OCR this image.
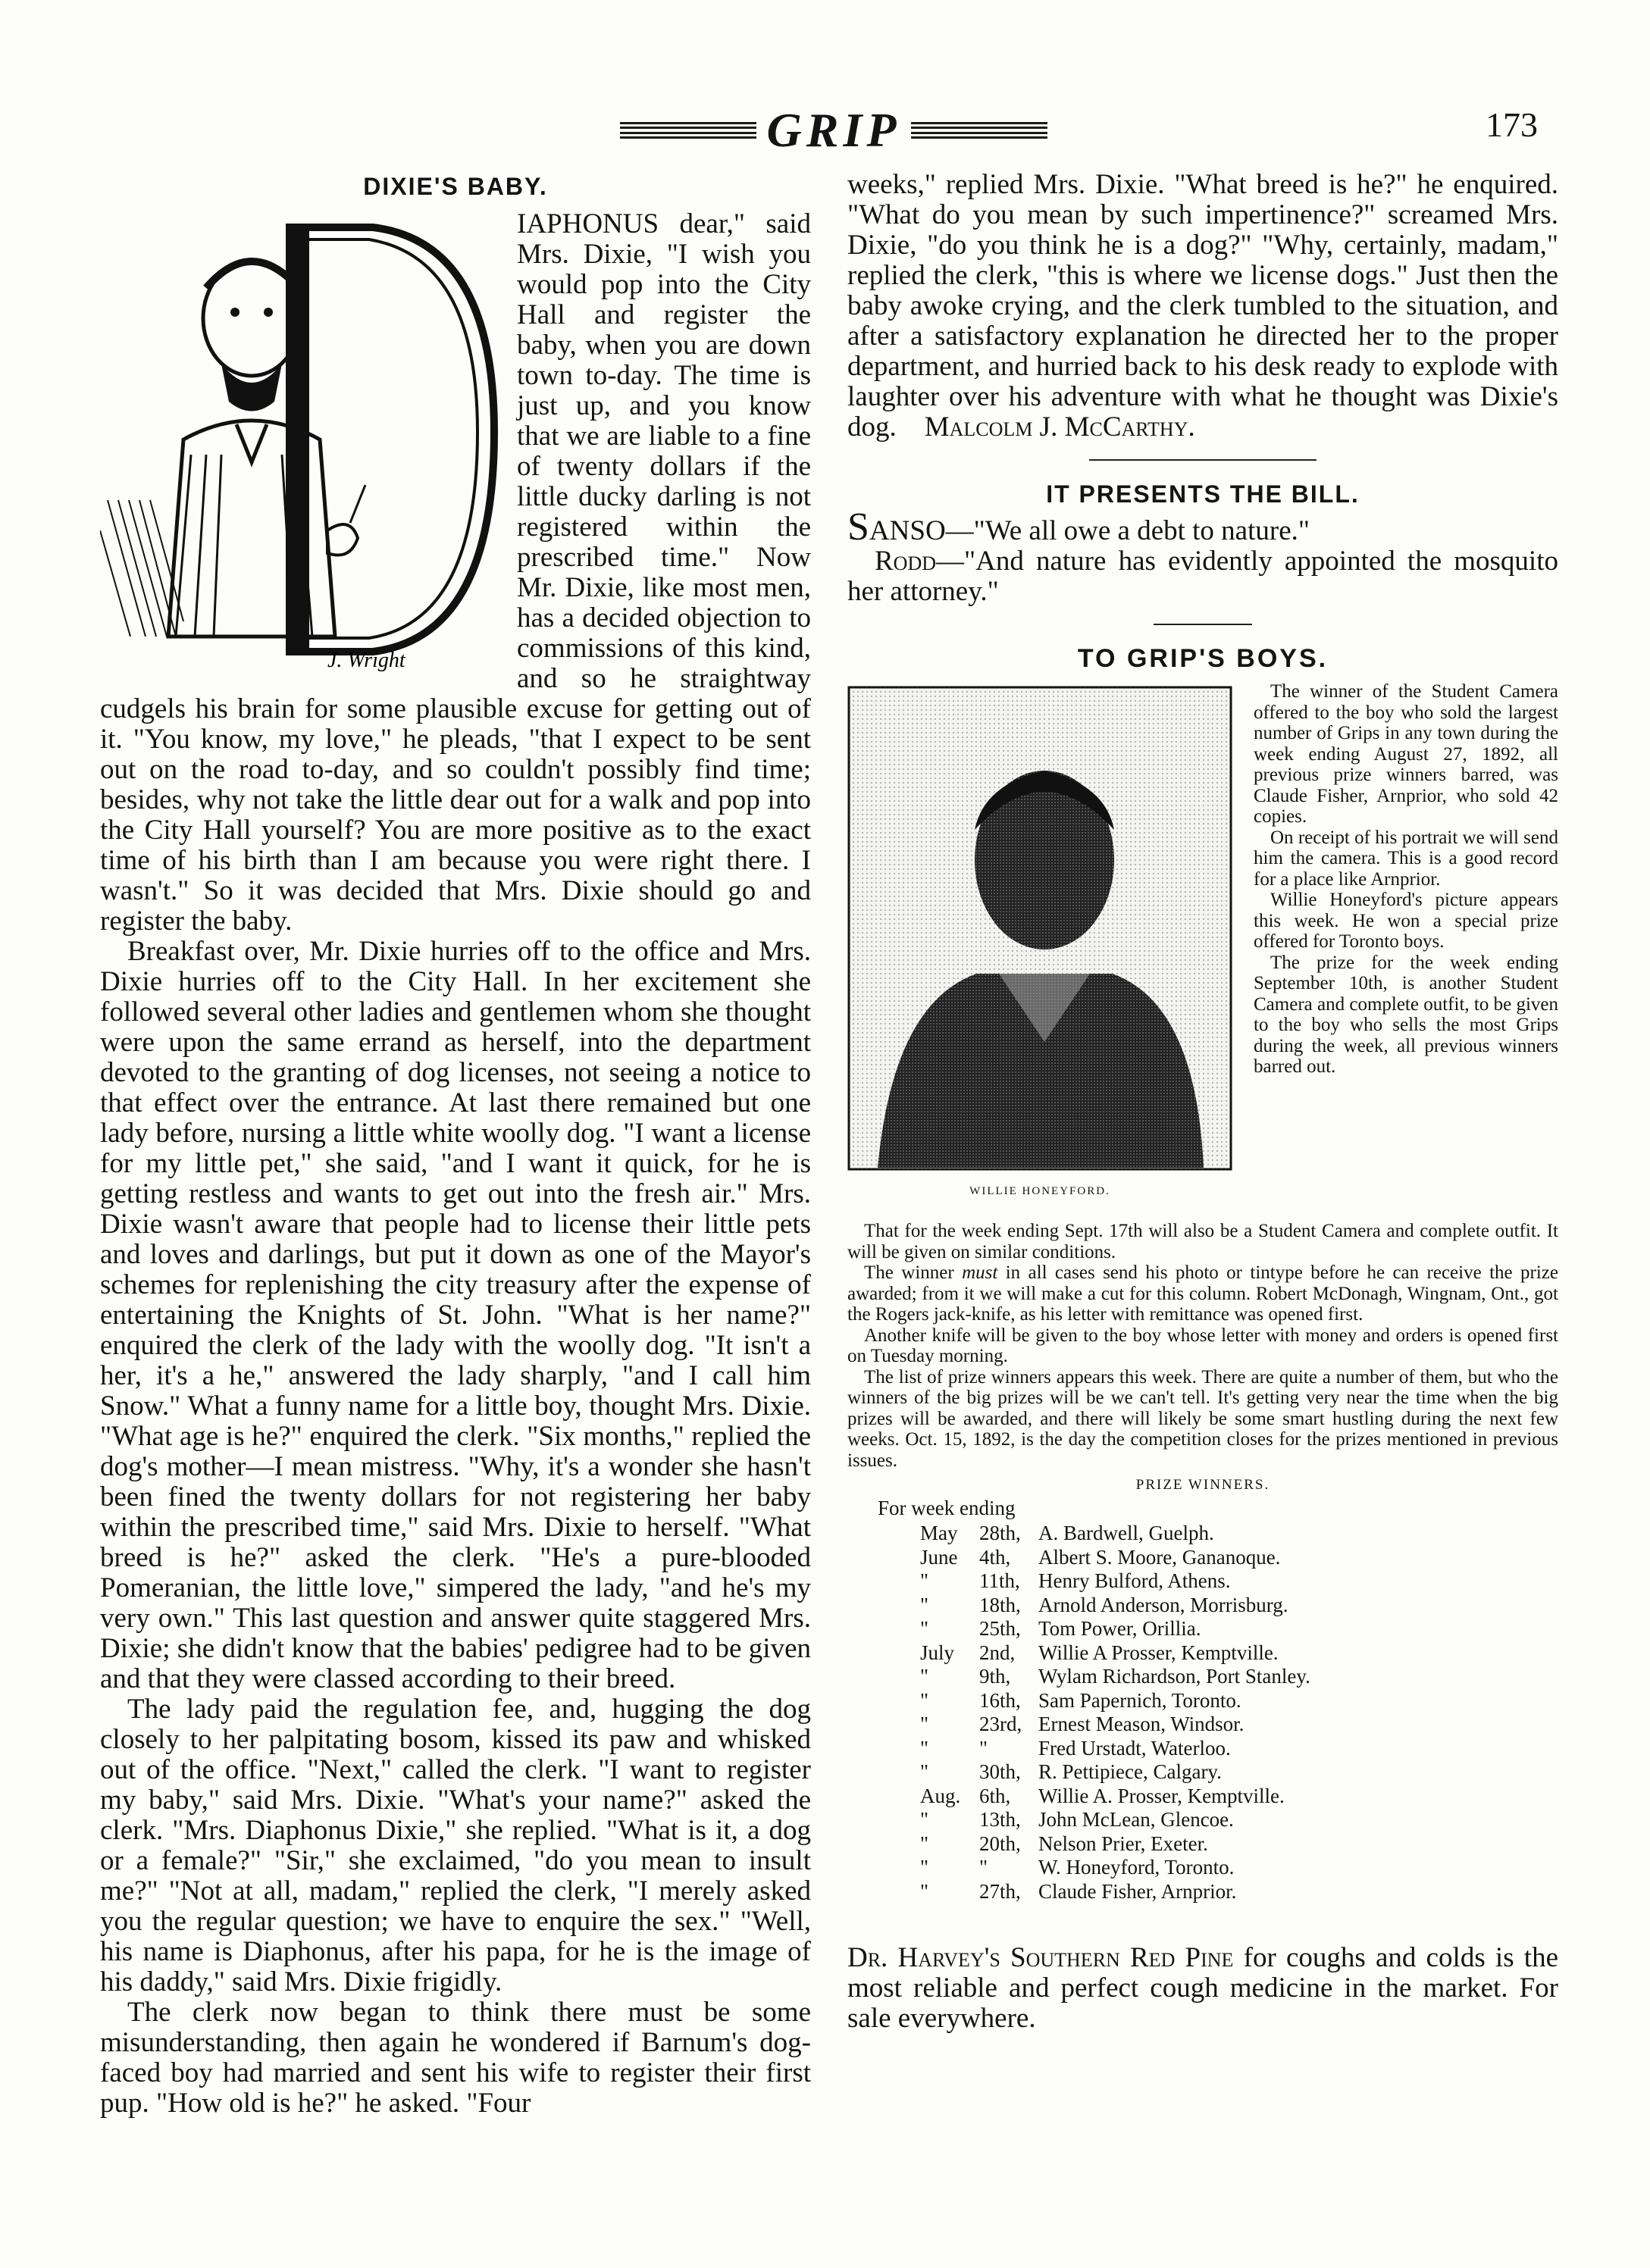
GRIP	173
DIXIE'S BABY.
J. Wright

IAPHONUS dear," said Mrs. Dixie, "I wish you would pop into the City Hall and register the baby, when you are down town to-day. The time is just up, and you know that we are liable to a fine of twenty dollars if the little ducky darling is not registered within the prescribed time." Now Mr. Dixie, like most men, has a decided objection to commissions of this kind, and so he straightway cudgels his brain for some plausible excuse for getting out of it. "You know, my love," he pleads, "that I expect to be sent out on the road to-day, and so couldn't possibly find time; besides, why not take the little dear out for a walk and pop into the City Hall yourself? You are more positive as to the exact time of his birth than I am because you were right there. I wasn't." So it was decided that Mrs. Dixie should go and register the baby.

Breakfast over, Mr. Dixie hurries off to the office and Mrs. Dixie hurries off to the City Hall. In her excitement she followed several other ladies and gentlemen whom she thought were upon the same errand as herself, into the department devoted to the granting of dog licenses, not seeing a notice to that effect over the entrance. At last there remained but one lady before, nursing a little white woolly dog. "I want a license for my little pet," she said, "and I want it quick, for he is getting restless and wants to get out into the fresh air." Mrs. Dixie wasn't aware that people had to license their little pets and loves and darlings, but put it down as one of the Mayor's schemes for replenishing the city treasury after the expense of entertaining the Knights of St. John. "What is her name?" enquired the clerk of the lady with the woolly dog. "It isn't a her, it's a he," answered the lady sharply, "and I call him Snow." What a funny name for a little boy, thought Mrs. Dixie. "What age is he?" enquired the clerk. "Six months," replied the dog's mother—I mean mistress. "Why, it's a wonder she hasn't been fined the twenty dollars for not registering her baby within the prescribed time," said Mrs. Dixie to herself. "What breed is he?" asked the clerk. "He's a pure-blooded Pomeranian, the little love," simpered the lady, "and he's my very own." This last question and answer quite staggered Mrs. Dixie; she didn't know that the babies' pedigree had to be given and that they were classed according to their breed.

The lady paid the regulation fee, and, hugging the dog closely to her palpitating bosom, kissed its paw and whisked out of the office. "Next," called the clerk. "I want to register my baby," said Mrs. Dixie. "What's your name?" asked the clerk. "Mrs. Diaphonus Dixie," she replied. "What is it, a dog or a female?" "Sir," she exclaimed, "do you mean to insult me?" "Not at all, madam," replied the clerk, "I merely asked you the regular question; we have to enquire the sex." "Well, his name is Diaphonus, after his papa, for he is the image of his daddy," said Mrs. Dixie frigidly.

The clerk now began to think there must be some misunderstanding, then again he wondered if Barnum's dog-faced boy had married and sent his wife to register their first pup. "How old is he?" he asked. "Four

weeks," replied Mrs. Dixie. "What breed is he?" he enquired. "What do you mean by such impertinence?" screamed Mrs. Dixie, "do you think he is a dog?" "Why, certainly, madam," replied the clerk, "this is where we license dogs." Just then the baby awoke crying, and the clerk tumbled to the situation, and after a satisfactory explanation he directed her to the proper department, and hurried back to his desk ready to explode with laughter over his adventure with what he thought was Dixie's dog. Malcolm J. McCarthy.

IT PRESENTS THE BILL.

SANSO—"We all owe a debt to nature."

Rodd—"And nature has evidently appointed the mosquito her attorney."

TO GRIP'S BOYS.
WILLIE HONEYFORD.

The winner of the Student Camera offered to the boy who sold the largest number of Grips in any town during the week ending August 27, 1892, all previous prize winners barred, was Claude Fisher, Arnprior, who sold 42 copies.

On receipt of his portrait we will send him the camera. This is a good record for a place like Arnprior.

Willie Honeyford's picture appears this week. He won a special prize offered for Toronto boys.

The prize for the week ending September 10th, is another Student Camera and complete outfit, to be given to the boy who sells the most Grips during the week, all previous winners barred out.

That for the week ending Sept. 17th will also be a Student Camera and complete outfit. It will be given on similar conditions.

The winner must in all cases send his photo or tintype before he can receive the prize awarded; from it we will make a cut for this column. Robert McDonagh, Wingnam, Ont., got the Rogers jack-knife, as his letter with remittance was opened first.

Another knife will be given to the boy whose letter with money and orders is opened first on Tuesday morning.

The list of prize winners appears this week. There are quite a number of them, but who the winners of the big prizes will be we can't tell. It's getting very near the time when the big prizes will be awarded, and there will likely be some smart hustling during the next few weeks. Oct. 15, 1892, is the day the competition closes for the prizes mentioned in previous issues.

PRIZE WINNERS.
For week ending
May	28th, A. Bardwell, Guelph.
June	4th,	Albert S. Moore, Gananoque.
"	11th, Henry Bulford, Athens.
"	18th, Arnold Anderson, Morrisburg.
"	25th, Tom Power, Orillia.
July	2nd,	Willie A Prosser, Kemptville.
"	9th,	Wylam Richardson, Port Stanley.
"	16th, Sam Papernich, Toronto.
"	23rd, Ernest Meason, Windsor.
"	"	Fred Urstadt, Waterloo.
"	30th, R. Pettipiece, Calgary.
Aug. 6th,	Willie A. Prosser, Kemptville.
"	13th, John McLean, Glencoe.
"	20th, Nelson Prier, Exeter.
"	"	W. Honeyford, Toronto.
"	27th, Claude Fisher, Arnprior.

Dr. Harvey's Southern Red Pine for coughs and colds is the most reliable and perfect cough medicine in the market. For sale everywhere.
